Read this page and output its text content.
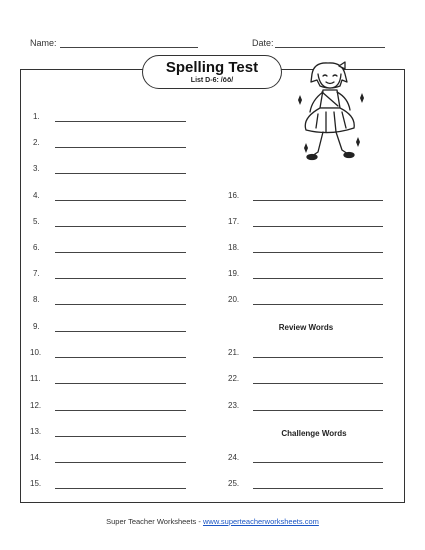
Name:	Date:
Spelling Test
List D-6: /ōō/
1.
2.
3.
4.
5.
6.
7.
8.
9.
10.
11.
12.
13.
14.
15.
16.
17.
18.
19.
20.
Review Words
21.
22.
23.
Challenge Words
24.
25.
Super Teacher Worksheets - www.superteacherworksheets.com
